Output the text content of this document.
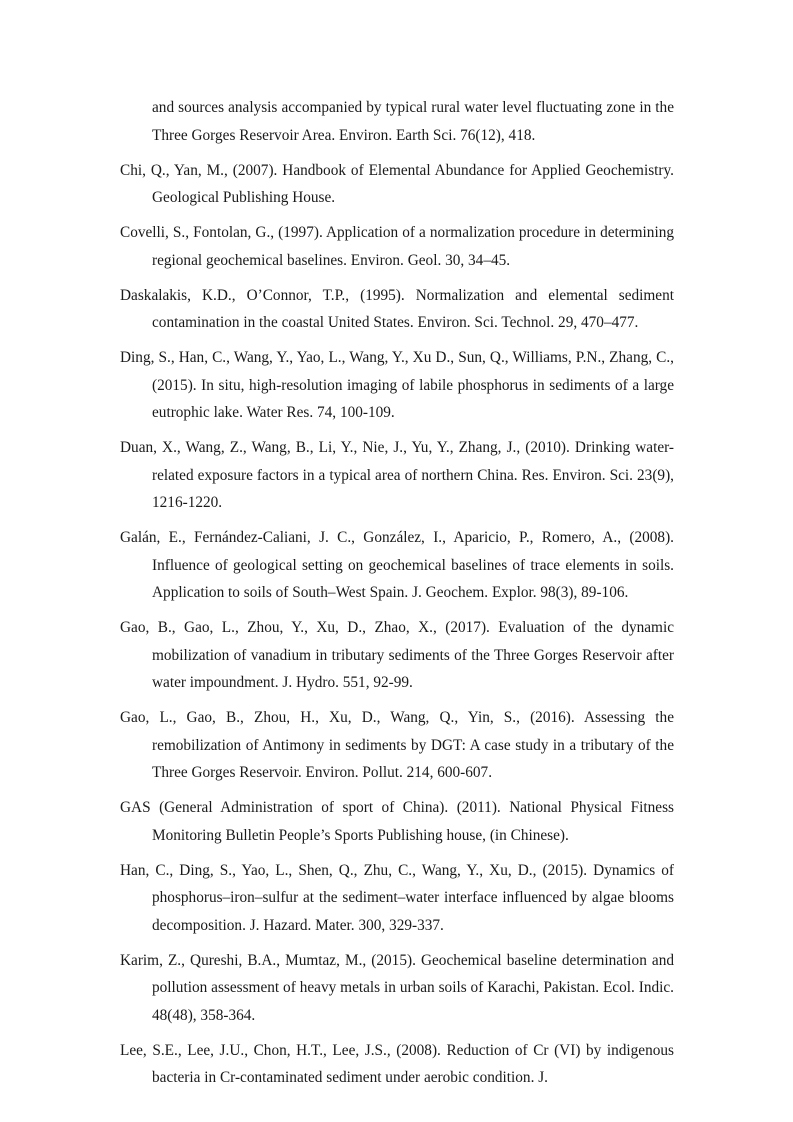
and sources analysis accompanied by typical rural water level fluctuating zone in the Three Gorges Reservoir Area. Environ. Earth Sci. 76(12), 418.
Chi, Q., Yan, M., (2007). Handbook of Elemental Abundance for Applied Geochemistry. Geological Publishing House.
Covelli, S., Fontolan, G., (1997). Application of a normalization procedure in determining regional geochemical baselines. Environ. Geol. 30, 34–45.
Daskalakis, K.D., O’Connor, T.P., (1995). Normalization and elemental sediment contamination in the coastal United States. Environ. Sci. Technol. 29, 470–477.
Ding, S., Han, C., Wang, Y., Yao, L., Wang, Y., Xu D., Sun, Q., Williams, P.N., Zhang, C., (2015). In situ, high-resolution imaging of labile phosphorus in sediments of a large eutrophic lake. Water Res. 74, 100-109.
Duan, X., Wang, Z., Wang, B., Li, Y., Nie, J., Yu, Y., Zhang, J., (2010). Drinking water-related exposure factors in a typical area of northern China. Res. Environ. Sci. 23(9), 1216-1220.
Galán, E., Fernández-Caliani, J. C., González, I., Aparicio, P., Romero, A., (2008). Influence of geological setting on geochemical baselines of trace elements in soils. Application to soils of South–West Spain. J. Geochem. Explor. 98(3), 89-106.
Gao, B., Gao, L., Zhou, Y., Xu, D., Zhao, X., (2017). Evaluation of the dynamic mobilization of vanadium in tributary sediments of the Three Gorges Reservoir after water impoundment. J. Hydro. 551, 92-99.
Gao, L., Gao, B., Zhou, H., Xu, D., Wang, Q., Yin, S., (2016). Assessing the remobilization of Antimony in sediments by DGT: A case study in a tributary of the Three Gorges Reservoir. Environ. Pollut. 214, 600-607.
GAS (General Administration of sport of China). (2011). National Physical Fitness Monitoring Bulletin People’s Sports Publishing house, (in Chinese).
Han, C., Ding, S., Yao, L., Shen, Q., Zhu, C., Wang, Y., Xu, D., (2015). Dynamics of phosphorus–iron–sulfur at the sediment–water interface influenced by algae blooms decomposition. J. Hazard. Mater. 300, 329-337.
Karim, Z., Qureshi, B.A., Mumtaz, M., (2015). Geochemical baseline determination and pollution assessment of heavy metals in urban soils of Karachi, Pakistan. Ecol. Indic. 48(48), 358-364.
Lee, S.E., Lee, J.U., Chon, H.T., Lee, J.S., (2008). Reduction of Cr (VI) by indigenous bacteria in Cr-contaminated sediment under aerobic condition. J.
